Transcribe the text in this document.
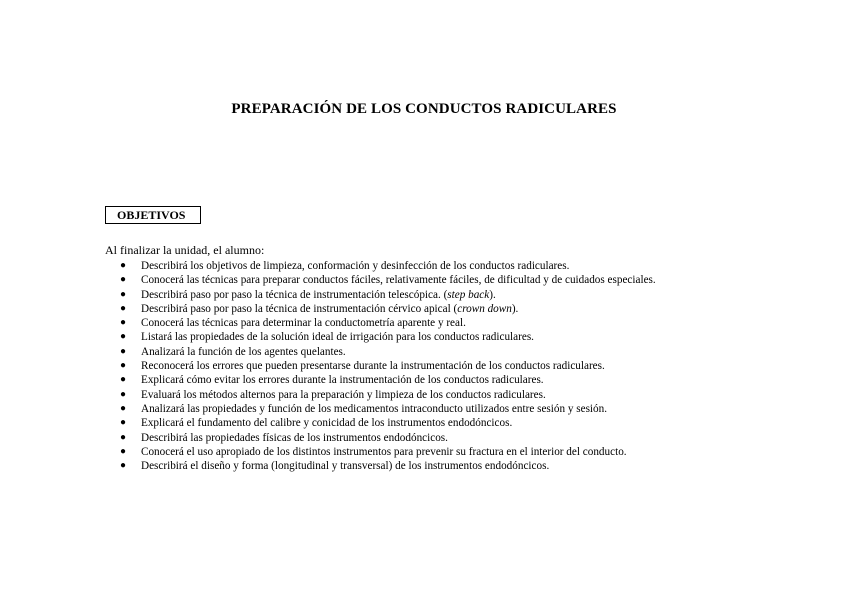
PREPARACIÓN DE LOS CONDUCTOS RADICULARES
OBJETIVOS

Al finalizar la unidad, el alumno:

● Describirá los objetivos de limpieza, conformación y desinfección de los conductos radiculares.
● Conocerá las técnicas para preparar conductos fáciles, relativamente fáciles, de dificultad y de cuidados especiales.
● Describirá paso por paso la técnica de instrumentación telescópica. (step back).
● Describirá paso por paso la técnica de instrumentación cérvico apical (crown down).
● Conocerá las técnicas para determinar la conductometría aparente y real.
● Listará las propiedades de la solución ideal de irrigación para los conductos radiculares.
● Analizará la función de los agentes quelantes.
● Reconocerá los errores que pueden presentarse durante la instrumentación de los conductos radiculares.
● Explicará cómo evitar los errores durante la instrumentación de los conductos radiculares.
● Evaluará los métodos alternos para la preparación y limpieza de los conductos radiculares.
● Analizará las propiedades y función de los medicamentos intraconducto utilizados entre sesión y sesión.
● Explicará el fundamento del calibre y conicidad de los instrumentos endodóncicos.
● Describirá las propiedades físicas de los instrumentos endodóncicos.
● Conocerá el uso apropiado de los distintos instrumentos para prevenir su fractura en el interior del conducto.
● Describirá el diseño y forma (longitudinal y transversal) de los instrumentos endodóncicos.
